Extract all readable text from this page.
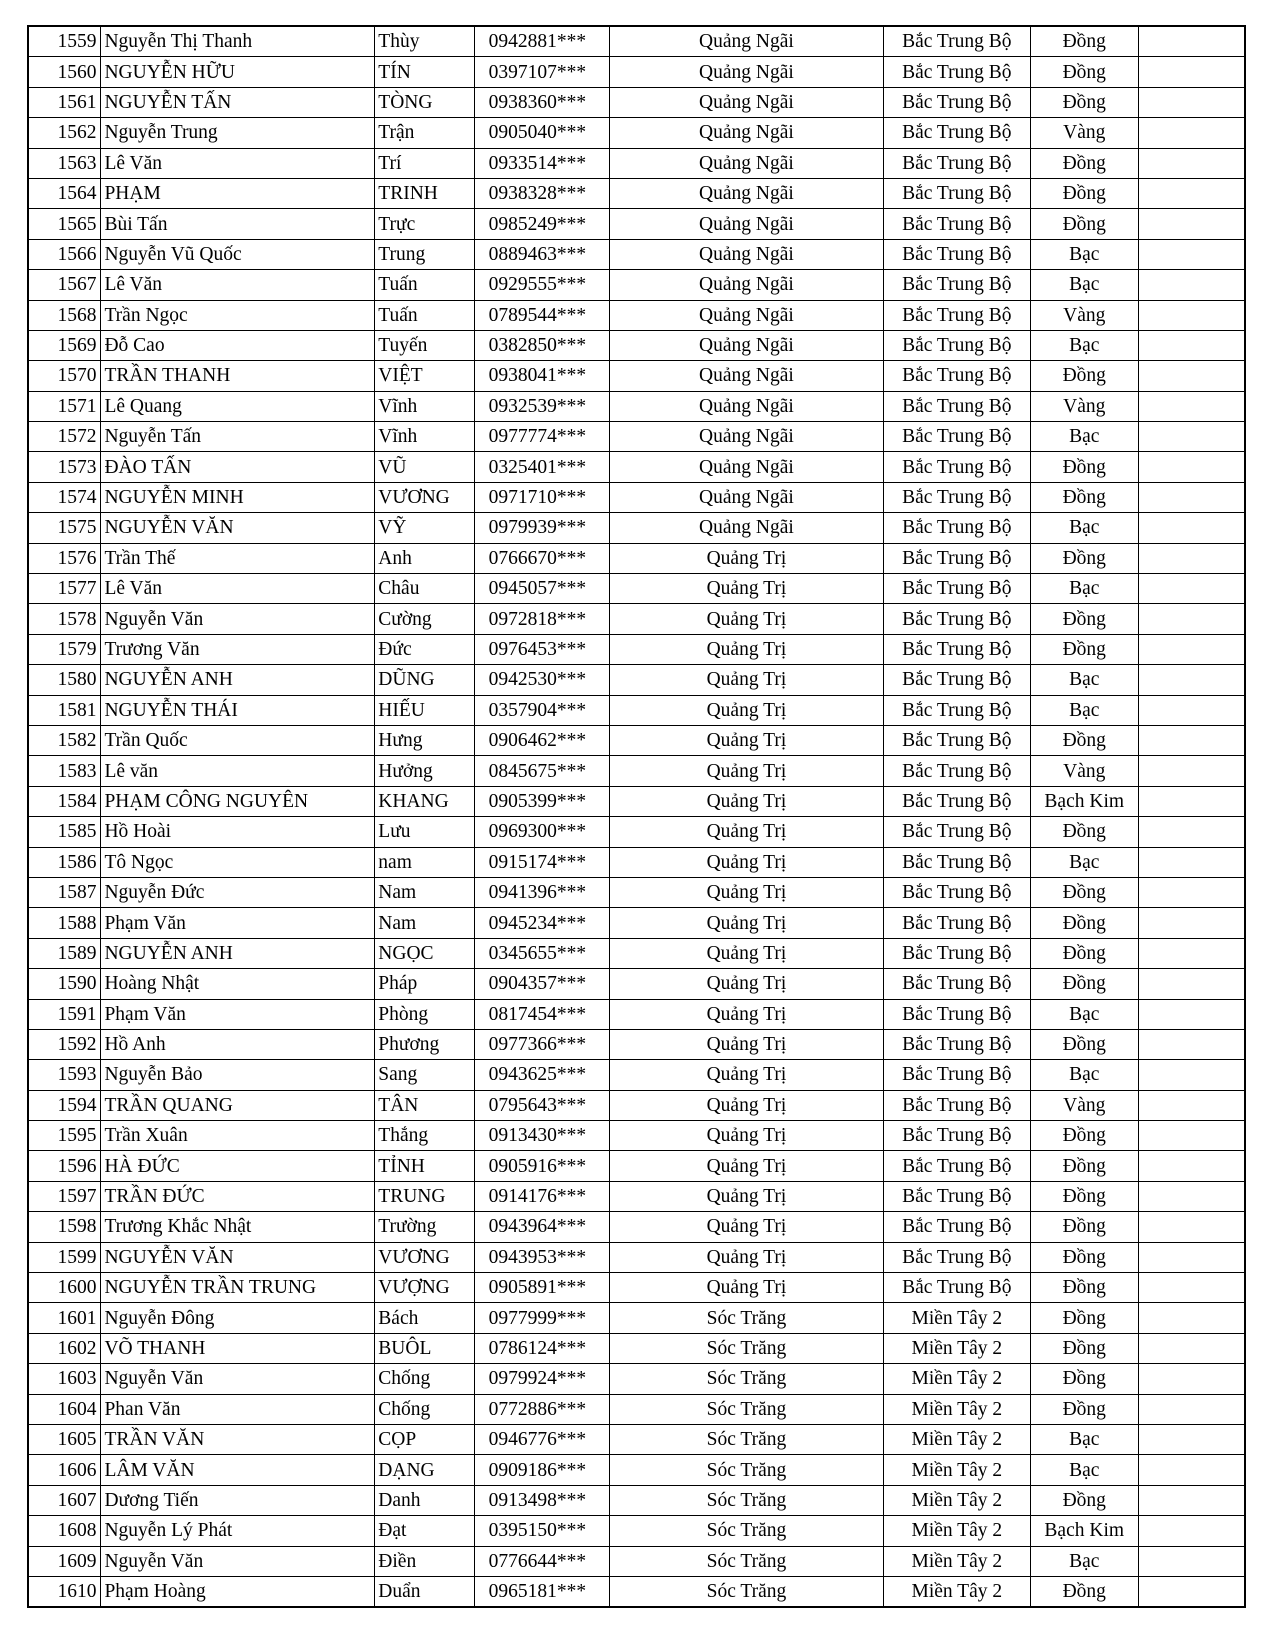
1559	Nguyễn Thị Thanh	Thùy	0942881***	Quảng Ngãi	Bắc Trung Bộ	Đồng	
1560	NGUYỄN HỮU	TÍN	0397107***	Quảng Ngãi	Bắc Trung Bộ	Đồng	
1561	NGUYỄN TẤN	TÒNG	0938360***	Quảng Ngãi	Bắc Trung Bộ	Đồng	
1562	Nguyễn Trung	Trận	0905040***	Quảng Ngãi	Bắc Trung Bộ	Vàng	
1563	Lê Văn	Trí	0933514***	Quảng Ngãi	Bắc Trung Bộ	Đồng	
1564	PHẠM	TRINH	0938328***	Quảng Ngãi	Bắc Trung Bộ	Đồng	
1565	Bùi Tấn	Trực	0985249***	Quảng Ngãi	Bắc Trung Bộ	Đồng	
1566	Nguyễn Vũ Quốc	Trung	0889463***	Quảng Ngãi	Bắc Trung Bộ	Bạc	
1567	Lê Văn	Tuấn	0929555***	Quảng Ngãi	Bắc Trung Bộ	Bạc	
1568	Trần Ngọc	Tuấn	0789544***	Quảng Ngãi	Bắc Trung Bộ	Vàng	
1569	Đỗ Cao	Tuyến	0382850***	Quảng Ngãi	Bắc Trung Bộ	Bạc	
1570	TRẦN THANH	VIỆT	0938041***	Quảng Ngãi	Bắc Trung Bộ	Đồng	
1571	Lê Quang	Vĩnh	0932539***	Quảng Ngãi	Bắc Trung Bộ	Vàng	
1572	Nguyễn Tấn	Vĩnh	0977774***	Quảng Ngãi	Bắc Trung Bộ	Bạc	
1573	ĐÀO TẤN	VŨ	0325401***	Quảng Ngãi	Bắc Trung Bộ	Đồng	
1574	NGUYỄN MINH	VƯƠNG	0971710***	Quảng Ngãi	Bắc Trung Bộ	Đồng	
1575	NGUYỄN VĂN	VỸ	0979939***	Quảng Ngãi	Bắc Trung Bộ	Bạc	
1576	Trần Thế	Anh	0766670***	Quảng Trị	Bắc Trung Bộ	Đồng	
1577	Lê Văn	Châu	0945057***	Quảng Trị	Bắc Trung Bộ	Bạc	
1578	Nguyễn Văn	Cường	0972818***	Quảng Trị	Bắc Trung Bộ	Đồng	
1579	Trương Văn	Đức	0976453***	Quảng Trị	Bắc Trung Bộ	Đồng	
1580	NGUYỄN ANH	DŨNG	0942530***	Quảng Trị	Bắc Trung Bộ	Bạc	
1581	NGUYỄN THÁI	HIẾU	0357904***	Quảng Trị	Bắc Trung Bộ	Bạc	
1582	Trần Quốc	Hưng	0906462***	Quảng Trị	Bắc Trung Bộ	Đồng	
1583	Lê văn	Hưởng	0845675***	Quảng Trị	Bắc Trung Bộ	Vàng	
1584	PHẠM CÔNG NGUYÊN	KHANG	0905399***	Quảng Trị	Bắc Trung Bộ	Bạch Kim	
1585	Hồ Hoài	Lưu	0969300***	Quảng Trị	Bắc Trung Bộ	Đồng	
1586	Tô Ngọc	nam	0915174***	Quảng Trị	Bắc Trung Bộ	Bạc	
1587	Nguyễn Đức	Nam	0941396***	Quảng Trị	Bắc Trung Bộ	Đồng	
1588	Phạm Văn	Nam	0945234***	Quảng Trị	Bắc Trung Bộ	Đồng	
1589	NGUYỄN ANH	NGỌC	0345655***	Quảng Trị	Bắc Trung Bộ	Đồng	
1590	Hoàng Nhật	Pháp	0904357***	Quảng Trị	Bắc Trung Bộ	Đồng	
1591	Phạm Văn	Phòng	0817454***	Quảng Trị	Bắc Trung Bộ	Bạc	
1592	Hồ Anh	Phương	0977366***	Quảng Trị	Bắc Trung Bộ	Đồng	
1593	Nguyễn Bảo	Sang	0943625***	Quảng Trị	Bắc Trung Bộ	Bạc	
1594	TRẦN QUANG	TÂN	0795643***	Quảng Trị	Bắc Trung Bộ	Vàng	
1595	Trần Xuân	Thắng	0913430***	Quảng Trị	Bắc Trung Bộ	Đồng	
1596	HÀ ĐỨC	TỈNH	0905916***	Quảng Trị	Bắc Trung Bộ	Đồng	
1597	TRẦN ĐỨC	TRUNG	0914176***	Quảng Trị	Bắc Trung Bộ	Đồng	
1598	Trương Khắc Nhật	Trường	0943964***	Quảng Trị	Bắc Trung Bộ	Đồng	
1599	NGUYỄN VĂN	VƯƠNG	0943953***	Quảng Trị	Bắc Trung Bộ	Đồng	
1600	NGUYỄN TRẦN TRUNG	VƯỢNG	0905891***	Quảng Trị	Bắc Trung Bộ	Đồng	
1601	Nguyễn Đông	Bách	0977999***	Sóc Trăng	Miền Tây 2	Đồng	
1602	VÕ THANH	BUÔL	0786124***	Sóc Trăng	Miền Tây 2	Đồng	
1603	Nguyễn Văn	Chống	0979924***	Sóc Trăng	Miền Tây 2	Đồng	
1604	Phan Văn	Chống	0772886***	Sóc Trăng	Miền Tây 2	Đồng	
1605	TRẦN VĂN	CỌP	0946776***	Sóc Trăng	Miền Tây 2	Bạc	
1606	LÂM VĂN	DẠNG	0909186***	Sóc Trăng	Miền Tây 2	Bạc	
1607	Dương Tiến	Danh	0913498***	Sóc Trăng	Miền Tây 2	Đồng	
1608	Nguyễn Lý Phát	Đạt	0395150***	Sóc Trăng	Miền Tây 2	Bạch Kim	
1609	Nguyễn Văn	Điền	0776644***	Sóc Trăng	Miền Tây 2	Bạc	
1610	Phạm Hoàng	Duẩn	0965181***	Sóc Trăng	Miền Tây 2	Đồng	
